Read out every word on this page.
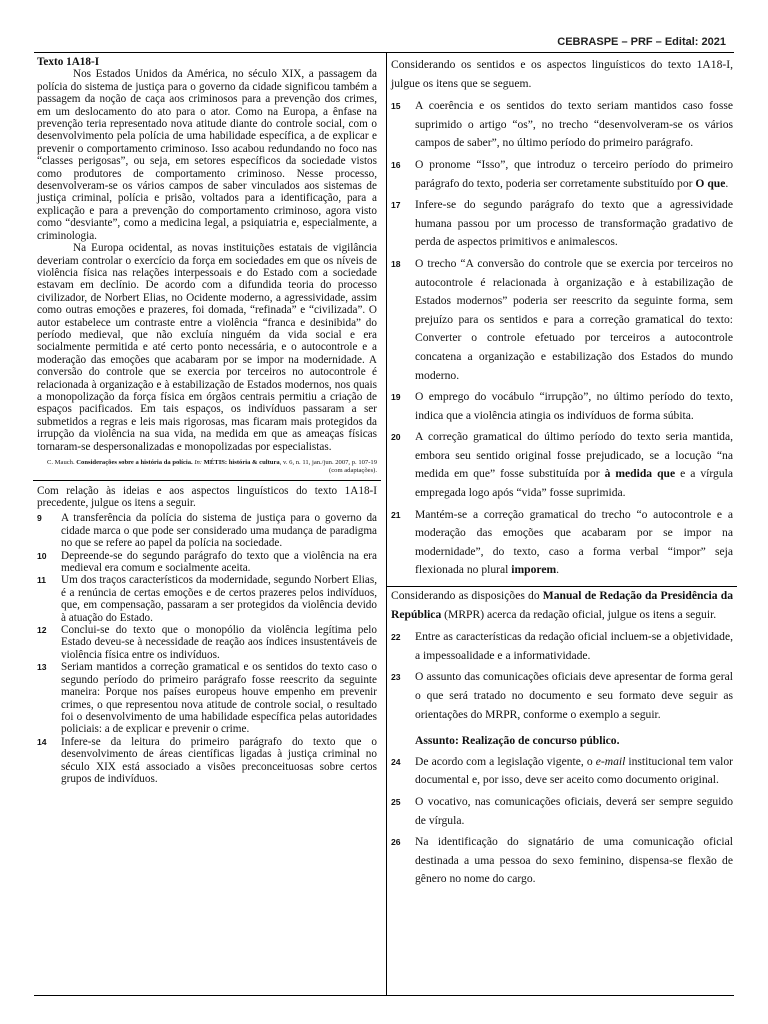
CEBRASPE – PRF – Edital: 2021
Texto 1A18-I

Nos Estados Unidos da América, no século XIX, a passagem da polícia do sistema de justiça para o governo da cidade significou também a passagem da noção de caça aos criminosos para a prevenção dos crimes, em um deslocamento do ato para o ator. Como na Europa, a ênfase na prevenção teria representado nova atitude diante do controle social, com o desenvolvimento pela polícia de uma habilidade específica, a de explicar e prevenir o comportamento criminoso. Isso acabou redundando no foco nas “classes perigosas”, ou seja, em setores específicos da sociedade vistos como produtores de comportamento criminoso. Nesse processo, desenvolveram-se os vários campos de saber vinculados aos sistemas de justiça criminal, polícia e prisão, voltados para a identificação, para a explicação e para a prevenção do comportamento criminoso, agora visto como “desviante”, como a medicina legal, a psiquiatria e, especialmente, a criminologia.

Na Europa ocidental, as novas instituições estatais de vigilância deveriam controlar o exercício da força em sociedades em que os níveis de violência física nas relações interpessoais e do Estado com a sociedade estavam em declínio. De acordo com a difundida teoria do processo civilizador, de Norbert Elias, no Ocidente moderno, a agressividade, assim como outras emoções e prazeres, foi domada, “refinada” e “civilizada”. O autor estabelece um contraste entre a violência “franca e desinibida” do período medieval, que não excluía ninguém da vida social e era socialmente permitida e até certo ponto necessária, e o autocontrole e a moderação das emoções que acabaram por se impor na modernidade. A conversão do controle que se exercia por terceiros no autocontrole é relacionada à organização e à estabilização de Estados modernos, nos quais a monopolização da força física em órgãos centrais permitiu a criação de espaços pacificados. Em tais espaços, os indivíduos passaram a ser submetidos a regras e leis mais rigorosas, mas ficaram mais protegidos da irrupção da violência na sua vida, na medida em que as ameaças físicas tornaram-se despersonalizadas e monopolizadas por especialistas.

C. Mauch. Considerações sobre a história da polícia. In: MÉTIS: história & cultura, v. 6, n. 11, jan./jun. 2007, p. 107-19 (com adaptações).
Com relação às ideias e aos aspectos linguísticos do texto 1A18-I precedente, julgue os itens a seguir.
9	A transferência da polícia do sistema de justiça para o governo da cidade marca o que pode ser considerado uma mudança de paradigma no que se refere ao papel da polícia na sociedade.
10	Depreende-se do segundo parágrafo do texto que a violência na era medieval era comum e socialmente aceita.
11	Um dos traços característicos da modernidade, segundo Norbert Elias, é a renúncia de certas emoções e de certos prazeres pelos indivíduos, que, em compensação, passaram a ser protegidos da violência devido à atuação do Estado.
12	Conclui-se do texto que o monopólio da violência legítima pelo Estado deveu-se à necessidade de reação aos índices insustentáveis de violência física entre os indivíduos.
13	Seriam mantidos a correção gramatical e os sentidos do texto caso o segundo período do primeiro parágrafo fosse reescrito da seguinte maneira: Porque nos países europeus houve empenho em prevenir crimes, o que representou nova atitude de controle social, o resultado foi o desenvolvimento de uma habilidade específica pelas autoridades policiais: a de explicar e prevenir o crime.
14	Infere-se da leitura do primeiro parágrafo do texto que o desenvolvimento de áreas científicas ligadas à justiça criminal no século XIX está associado a visões preconceituosas sobre certos grupos de indivíduos.
Considerando os sentidos e os aspectos linguísticos do texto 1A18-I, julgue os itens que se seguem.
15	A coerência e os sentidos do texto seriam mantidos caso fosse suprimido o artigo “os”, no trecho “desenvolveram-se os vários campos de saber”, no último período do primeiro parágrafo.
16	O pronome “Isso”, que introduz o terceiro período do primeiro parágrafo do texto, poderia ser corretamente substituído por O que.
17	Infere-se do segundo parágrafo do texto que a agressividade humana passou por um processo de transformação gradativo de perda de aspectos primitivos e animalescos.
18	O trecho “A conversão do controle que se exercia por terceiros no autocontrole é relacionada à organização e à estabilização de Estados modernos” poderia ser reescrito da seguinte forma, sem prejuízo para os sentidos e para a correção gramatical do texto: Converter o controle efetuado por terceiros a autocontrole concatena a organização e estabilização dos Estados do mundo moderno.
19	O emprego do vocábulo “irrupção”, no último período do texto, indica que a violência atingia os indivíduos de forma súbita.
20	A correção gramatical do último período do texto seria mantida, embora seu sentido original fosse prejudicado, se a locução “na medida em que” fosse substituída por à medida que e a vírgula empregada logo após “vida” fosse suprimida.
21	Mantém-se a correção gramatical do trecho “o autocontrole e a moderação das emoções que acabaram por se impor na modernidade”, do texto, caso a forma verbal “impor” seja flexionada no plural imporem.
Considerando as disposições do Manual de Redação da Presidência da República (MRPR) acerca da redação oficial, julgue os itens a seguir.
22	Entre as características da redação oficial incluem-se a objetividade, a impessoalidade e a informatividade.
23	O assunto das comunicações oficiais deve apresentar de forma geral o que será tratado no documento e seu formato deve seguir as orientações do MRPR, conforme o exemplo a seguir.
Assunto: Realização de concurso público.
24	De acordo com a legislação vigente, o e-mail institucional tem valor documental e, por isso, deve ser aceito como documento original.
25	O vocativo, nas comunicações oficiais, deverá ser sempre seguido de vírgula.
26	Na identificação do signatário de uma comunicação oficial destinada a uma pessoa do sexo feminino, dispensa-se flexão de gênero no nome do cargo.
